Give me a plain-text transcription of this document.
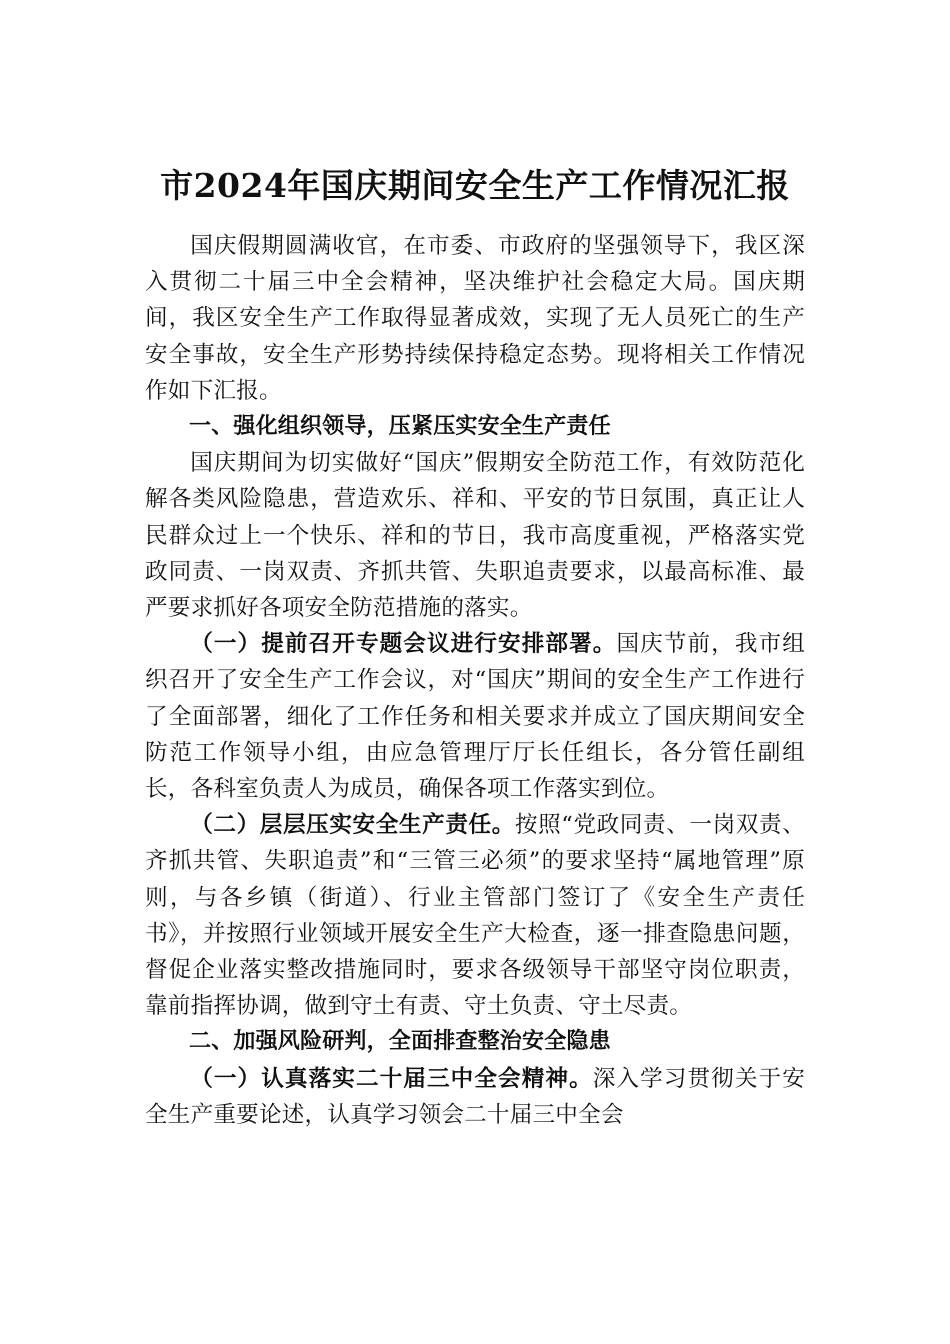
市2024年国庆期间安全生产工作情况汇报

国庆假期圆满收官，在市委、市政府的坚强领导下，我区深入贯彻二十届三中全会精神，坚决维护社会稳定大局。国庆期间，我区安全生产工作取得显著成效，实现了无人员死亡的生产安全事故，安全生产形势持续保持稳定态势。现将相关工作情况作如下汇报。

一、强化组织领导，压紧压实安全生产责任

国庆期间为切实做好“国庆”假期安全防范工作，有效防范化解各类风险隐患，营造欢乐、祥和、平安的节日氛围，真正让人民群众过上一个快乐、祥和的节日，我市高度重视，严格落实党政同责、一岗双责、齐抓共管、失职追责要求，以最高标准、最严要求抓好各项安全防范措施的落实。

（一）提前召开专题会议进行安排部署。国庆节前，我市组织召开了安全生产工作会议，对“国庆”期间的安全生产工作进行了全面部署，细化了工作任务和相关要求并成立了国庆期间安全防范工作领导小组，由应急管理厅厅长任组长，各分管任副组长，各科室负责人为成员，确保各项工作落实到位。

（二）层层压实安全生产责任。按照“党政同责、一岗双责、齐抓共管、失职追责”和“三管三必须”的要求坚持“属地管理”原则，与各乡镇（街道）、行业主管部门签订了《安全生产责任书》，并按照行业领域开展安全生产大检查，逐一排查隐患问题，督促企业落实整改措施同时，要求各级领导干部坚守岗位职责，靠前指挥协调，做到守土有责、守土负责、守土尽责。

二、加强风险研判，全面排查整治安全隐患

（一）认真落实二十届三中全会精神。深入学习贯彻关于安全生产重要论述，认真学习领会二十届三中全会
